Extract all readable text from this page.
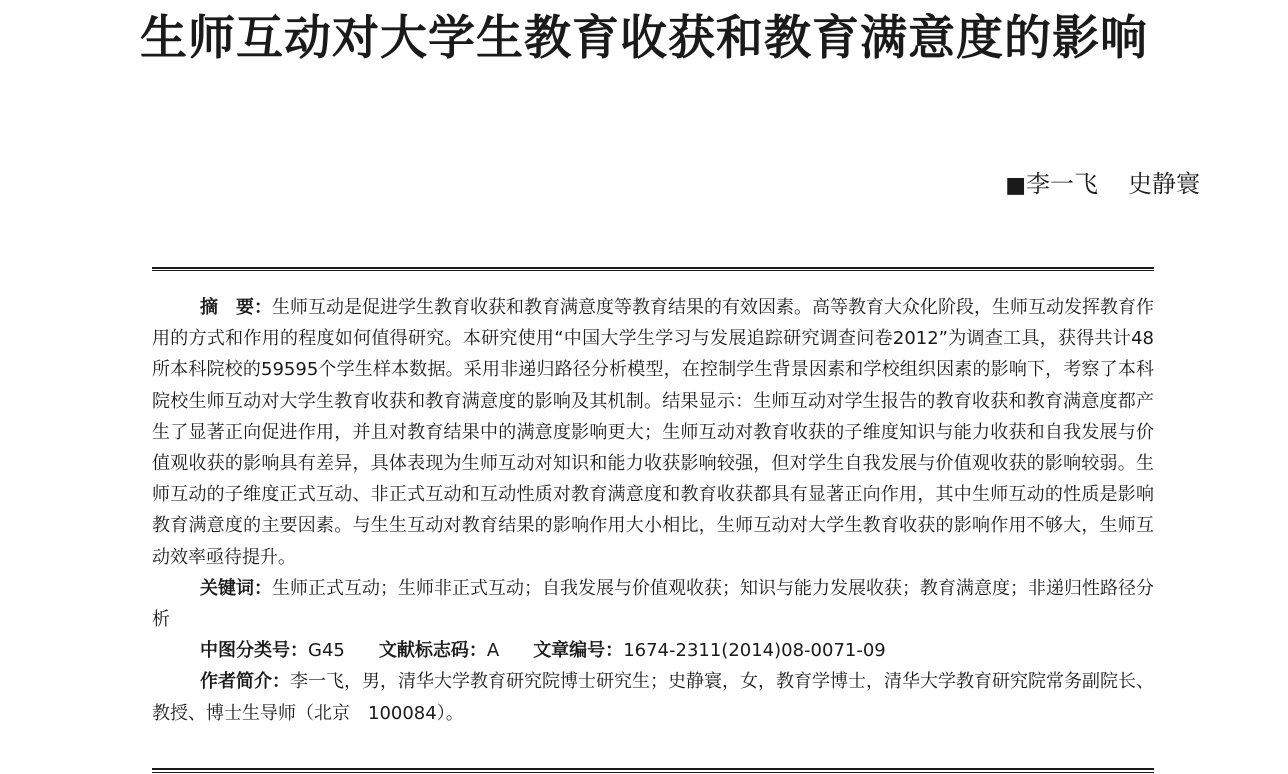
生师互动对大学生教育收获和教育满意度的影响
■李一飞 史静寰

摘　要：生师互动是促进学生教育收获和教育满意度等教育结果的有效因素。高等教育大众化阶段，生师互动发挥教育作用的方式和作用的程度如何值得研究。本研究使用“中国大学生学习与发展追踪研究调查问卷2012”为调查工具，获得共计48所本科院校的59595个学生样本数据。采用非递归路径分析模型，在控制学生背景因素和学校组织因素的影响下，考察了本科院校生师互动对大学生教育收获和教育满意度的影响及其机制。结果显示：生师互动对学生报告的教育收获和教育满意度都产生了显著正向促进作用，并且对教育结果中的满意度影响更大；生师互动对教育收获的子维度知识与能力收获和自我发展与价值观收获的影响具有差异，具体表现为生师互动对知识和能力收获影响较强，但对学生自我发展与价值观收获的影响较弱。生师互动的子维度正式互动、非正式互动和互动性质对教育满意度和教育收获都具有显著正向作用，其中生师互动的性质是影响教育满意度的主要因素。与生生互动对教育结果的影响作用大小相比，生师互动对大学生教育收获的影响作用不够大，生师互动效率亟待提升。

关键词：生师正式互动；生师非正式互动；自我发展与价值观收获；知识与能力发展收获；教育满意度；非递归性路径分析

中图分类号：G45 文献标志码：A 文章编号：1674-2311(2014)08-0071-09

作者简介：李一飞，男，清华大学教育研究院博士研究生；史静寰，女，教育学博士，清华大学教育研究院常务副院长、教授、博士生导师（北京　100084）。
